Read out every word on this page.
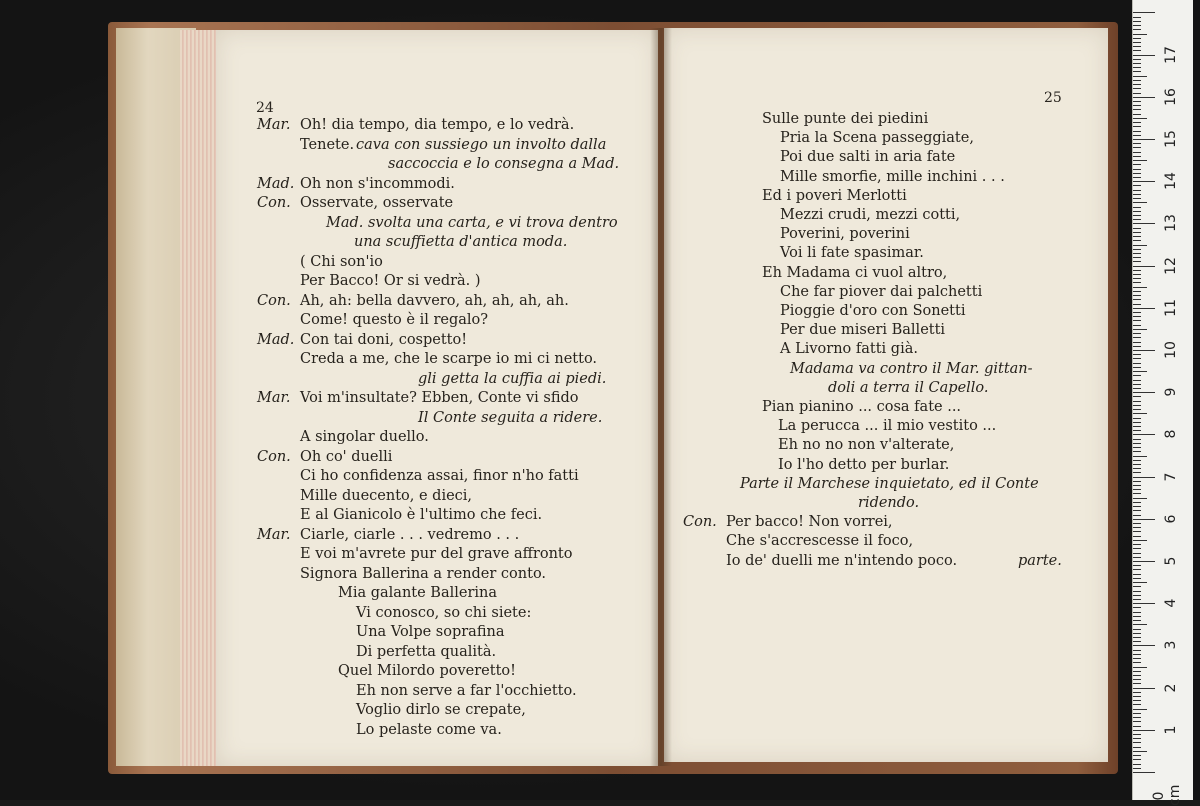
24
25
Mar. Oh! dia tempo, dia tempo, e lo vedrà.
Tenete. cava con sussiego un involto dalla
saccoccia e lo consegna a Mad.
Mad. Oh non s'incommodi.
Con. Osservate, osservate
Mad. svolta una carta, e vi trova dentro
una scuffietta d'antica moda.
( Chi son'io
Per Bacco! Or si vedrà. )
Con. Ah, ah: bella davvero, ah, ah, ah, ah.
Come! questo è il regalo?
Mad. Con tai doni, cospetto!
Creda a me, che le scarpe io mi ci netto.
gli getta la cuffia ai piedi.
Mar. Voi m'insultate? Ebben, Conte vi sfido
Il Conte seguita a ridere.
A singolar duello.
Con. Oh co' duelli
Ci ho confidenza assai, finor n'ho fatti
Mille duecento, e dieci,
E al Gianicolo è l'ultimo che feci.
Mar. Ciarle, ciarle . . . vedremo . . .
E voi m'avrete pur del grave affronto
Signora Ballerina a render conto.
Mia galante Ballerina
Vi conosco, so chi siete:
Una Volpe soprafina
Di perfetta qualità.
Quel Milordo poveretto!
Eh non serve a far l'occhietto.
Voglio dirlo se crepate,
Lo pelaste come va.
Sulle punte dei piedini
Pria la Scena passeggiate,
Poi due salti in aria fate
Mille smorfie, mille inchini . . .
Ed i poveri Merlotti
Mezzi crudi, mezzi cotti,
Poverini, poverini
Voi li fate spasimar.
Eh Madama ci vuol altro,
Che far piover dai palchetti
Pioggie d'oro con Sonetti
Per due miseri Balletti
A Livorno fatti già.
Madama va contro il Mar. gittan-
doli a terra il Capello.
Pian pianino ... cosa fate ...
La perucca ... il mio vestito ...
Eh no no non v'alterate,
Io l'ho detto per burlar.
Parte il Marchese inquietato, ed il Conte
ridendo.
Con. Per bacco! Non vorrei,
Che s'accrescesse il foco,
Io de' duelli me n'intendo poco.	parte.
0 cm
1
2
3
4
5
6
7
8
9
10
11
12
13
14
15
16
17
